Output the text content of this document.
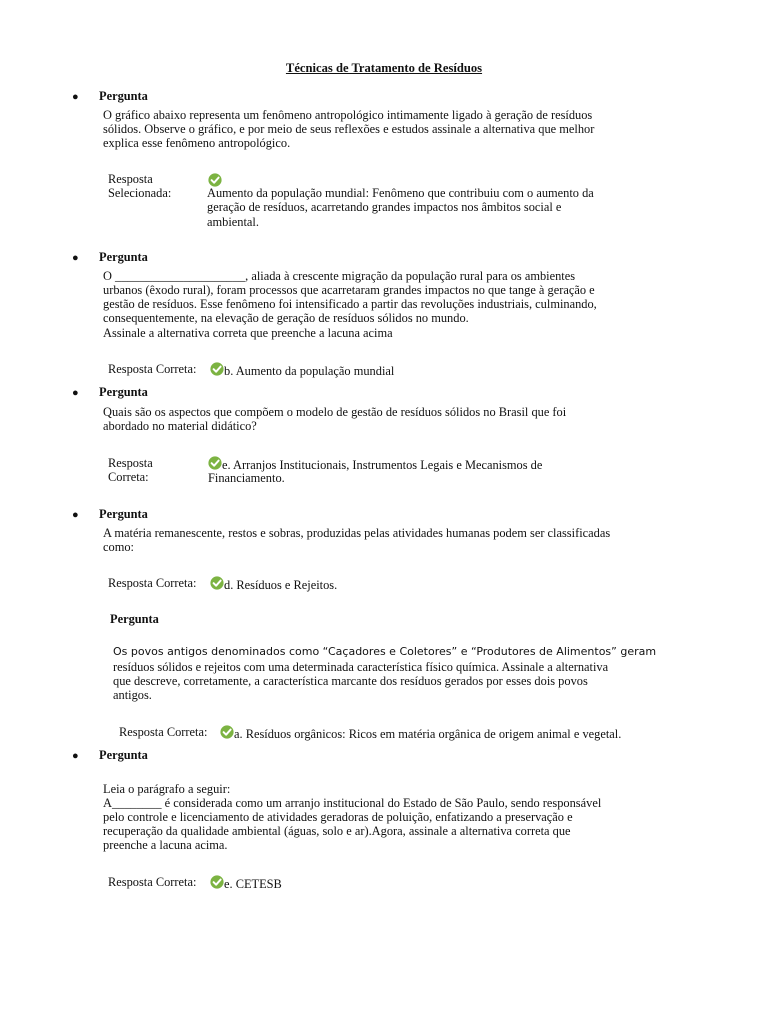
Técnicas de Tratamento de Resíduos
● Pergunta
O gráfico abaixo representa um fenômeno antropológico intimamente ligado à geração de resíduos
sólidos. Observe o gráfico, e por meio de seus reflexões e estudos assinale a alternativa que melhor
explica esse fenômeno antropológico.
Resposta
Selecionada:	Aumento da população mundial: Fenômeno que contribuiu com o aumento da
geração de resíduos, acarretando grandes impactos nos âmbitos social e
ambiental.
● Pergunta
O _____________________, aliada à crescente migração da população rural para os ambientes
urbanos (êxodo rural), foram processos que acarretaram grandes impactos no que tange à geração e
gestão de resíduos. Esse fenômeno foi intensificado a partir das revoluções industriais, culminando,
consequentemente, na elevação de geração de resíduos sólidos no mundo.
Assinale a alternativa correta que preenche a lacuna acima
Resposta Correta: b. Aumento da população mundial
● Pergunta
Quais são os aspectos que compõem o modelo de gestão de resíduos sólidos no Brasil que foi
abordado no material didático?
Resposta
Correta:
e. Arranjos Institucionais, Instrumentos Legais e Mecanismos de
Financiamento.
● Pergunta
A matéria remanescente, restos e sobras, produzidas pelas atividades humanas podem ser classificadas
como:
Resposta Correta: d. Resíduos e Rejeitos.
Pergunta
Os povos antigos denominados como “Caçadores e Coletores” e “Produtores de Alimentos” geram
resíduos sólidos e rejeitos com uma determinada característica físico química. Assinale a alternativa
que descreve, corretamente, a característica marcante dos resíduos gerados por esses dois povos
antigos.
Resposta Correta: a. Resíduos orgânicos: Ricos em matéria orgânica de origem animal e vegetal.
● Pergunta
Leia o parágrafo a seguir:
A________ é considerada como um arranjo institucional do Estado de São Paulo, sendo responsável
pelo controle e licenciamento de atividades geradoras de poluição, enfatizando a preservação e
recuperação da qualidade ambiental (águas, solo e ar).Agora, assinale a alternativa correta que
preenche a lacuna acima.
Resposta Correta: e. CETESB
